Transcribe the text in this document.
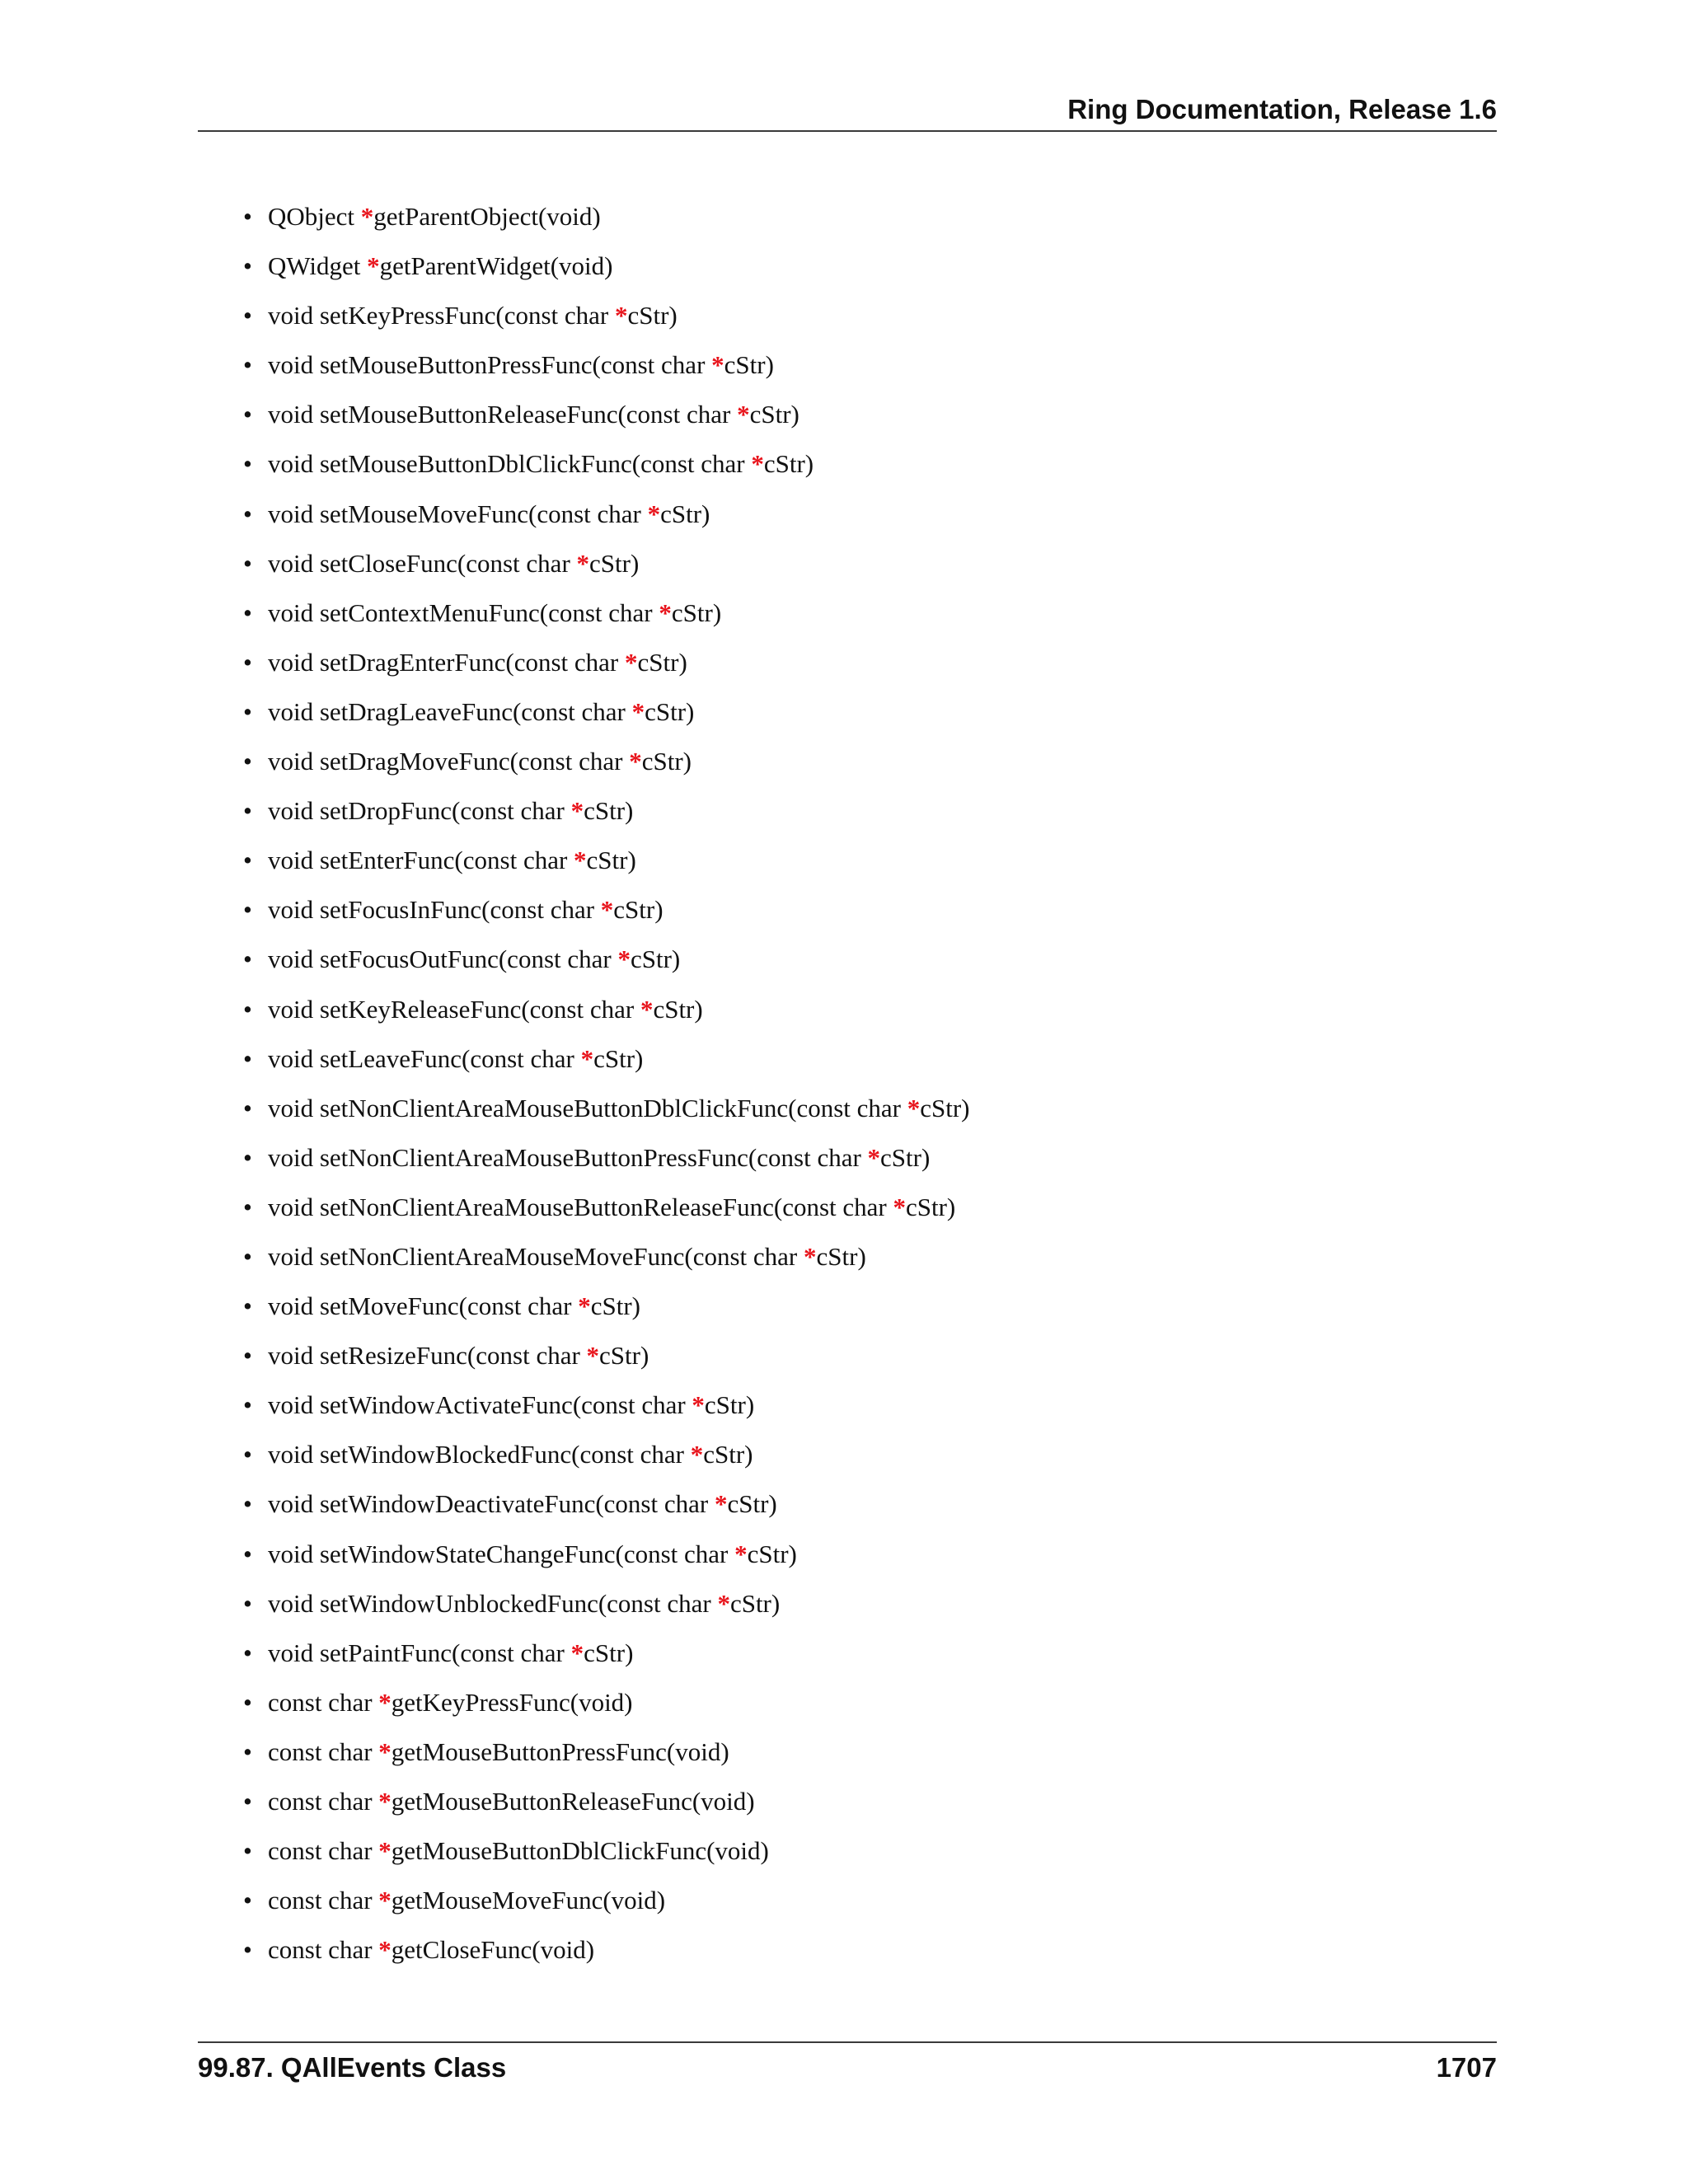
Ring Documentation, Release 1.6
• QObject *getParentObject(void)
• QWidget *getParentWidget(void)
• void setKeyPressFunc(const char *cStr)
• void setMouseButtonPressFunc(const char *cStr)
• void setMouseButtonReleaseFunc(const char *cStr)
• void setMouseButtonDblClickFunc(const char *cStr)
• void setMouseMoveFunc(const char *cStr)
• void setCloseFunc(const char *cStr)
• void setContextMenuFunc(const char *cStr)
• void setDragEnterFunc(const char *cStr)
• void setDragLeaveFunc(const char *cStr)
• void setDragMoveFunc(const char *cStr)
• void setDropFunc(const char *cStr)
• void setEnterFunc(const char *cStr)
• void setFocusInFunc(const char *cStr)
• void setFocusOutFunc(const char *cStr)
• void setKeyReleaseFunc(const char *cStr)
• void setLeaveFunc(const char *cStr)
• void setNonClientAreaMouseButtonDblClickFunc(const char *cStr)
• void setNonClientAreaMouseButtonPressFunc(const char *cStr)
• void setNonClientAreaMouseButtonReleaseFunc(const char *cStr)
• void setNonClientAreaMouseMoveFunc(const char *cStr)
• void setMoveFunc(const char *cStr)
• void setResizeFunc(const char *cStr)
• void setWindowActivateFunc(const char *cStr)
• void setWindowBlockedFunc(const char *cStr)
• void setWindowDeactivateFunc(const char *cStr)
• void setWindowStateChangeFunc(const char *cStr)
• void setWindowUnblockedFunc(const char *cStr)
• void setPaintFunc(const char *cStr)
• const char *getKeyPressFunc(void)
• const char *getMouseButtonPressFunc(void)
• const char *getMouseButtonReleaseFunc(void)
• const char *getMouseButtonDblClickFunc(void)
• const char *getMouseMoveFunc(void)
• const char *getCloseFunc(void)
99.87. QAllEvents Class	1707
